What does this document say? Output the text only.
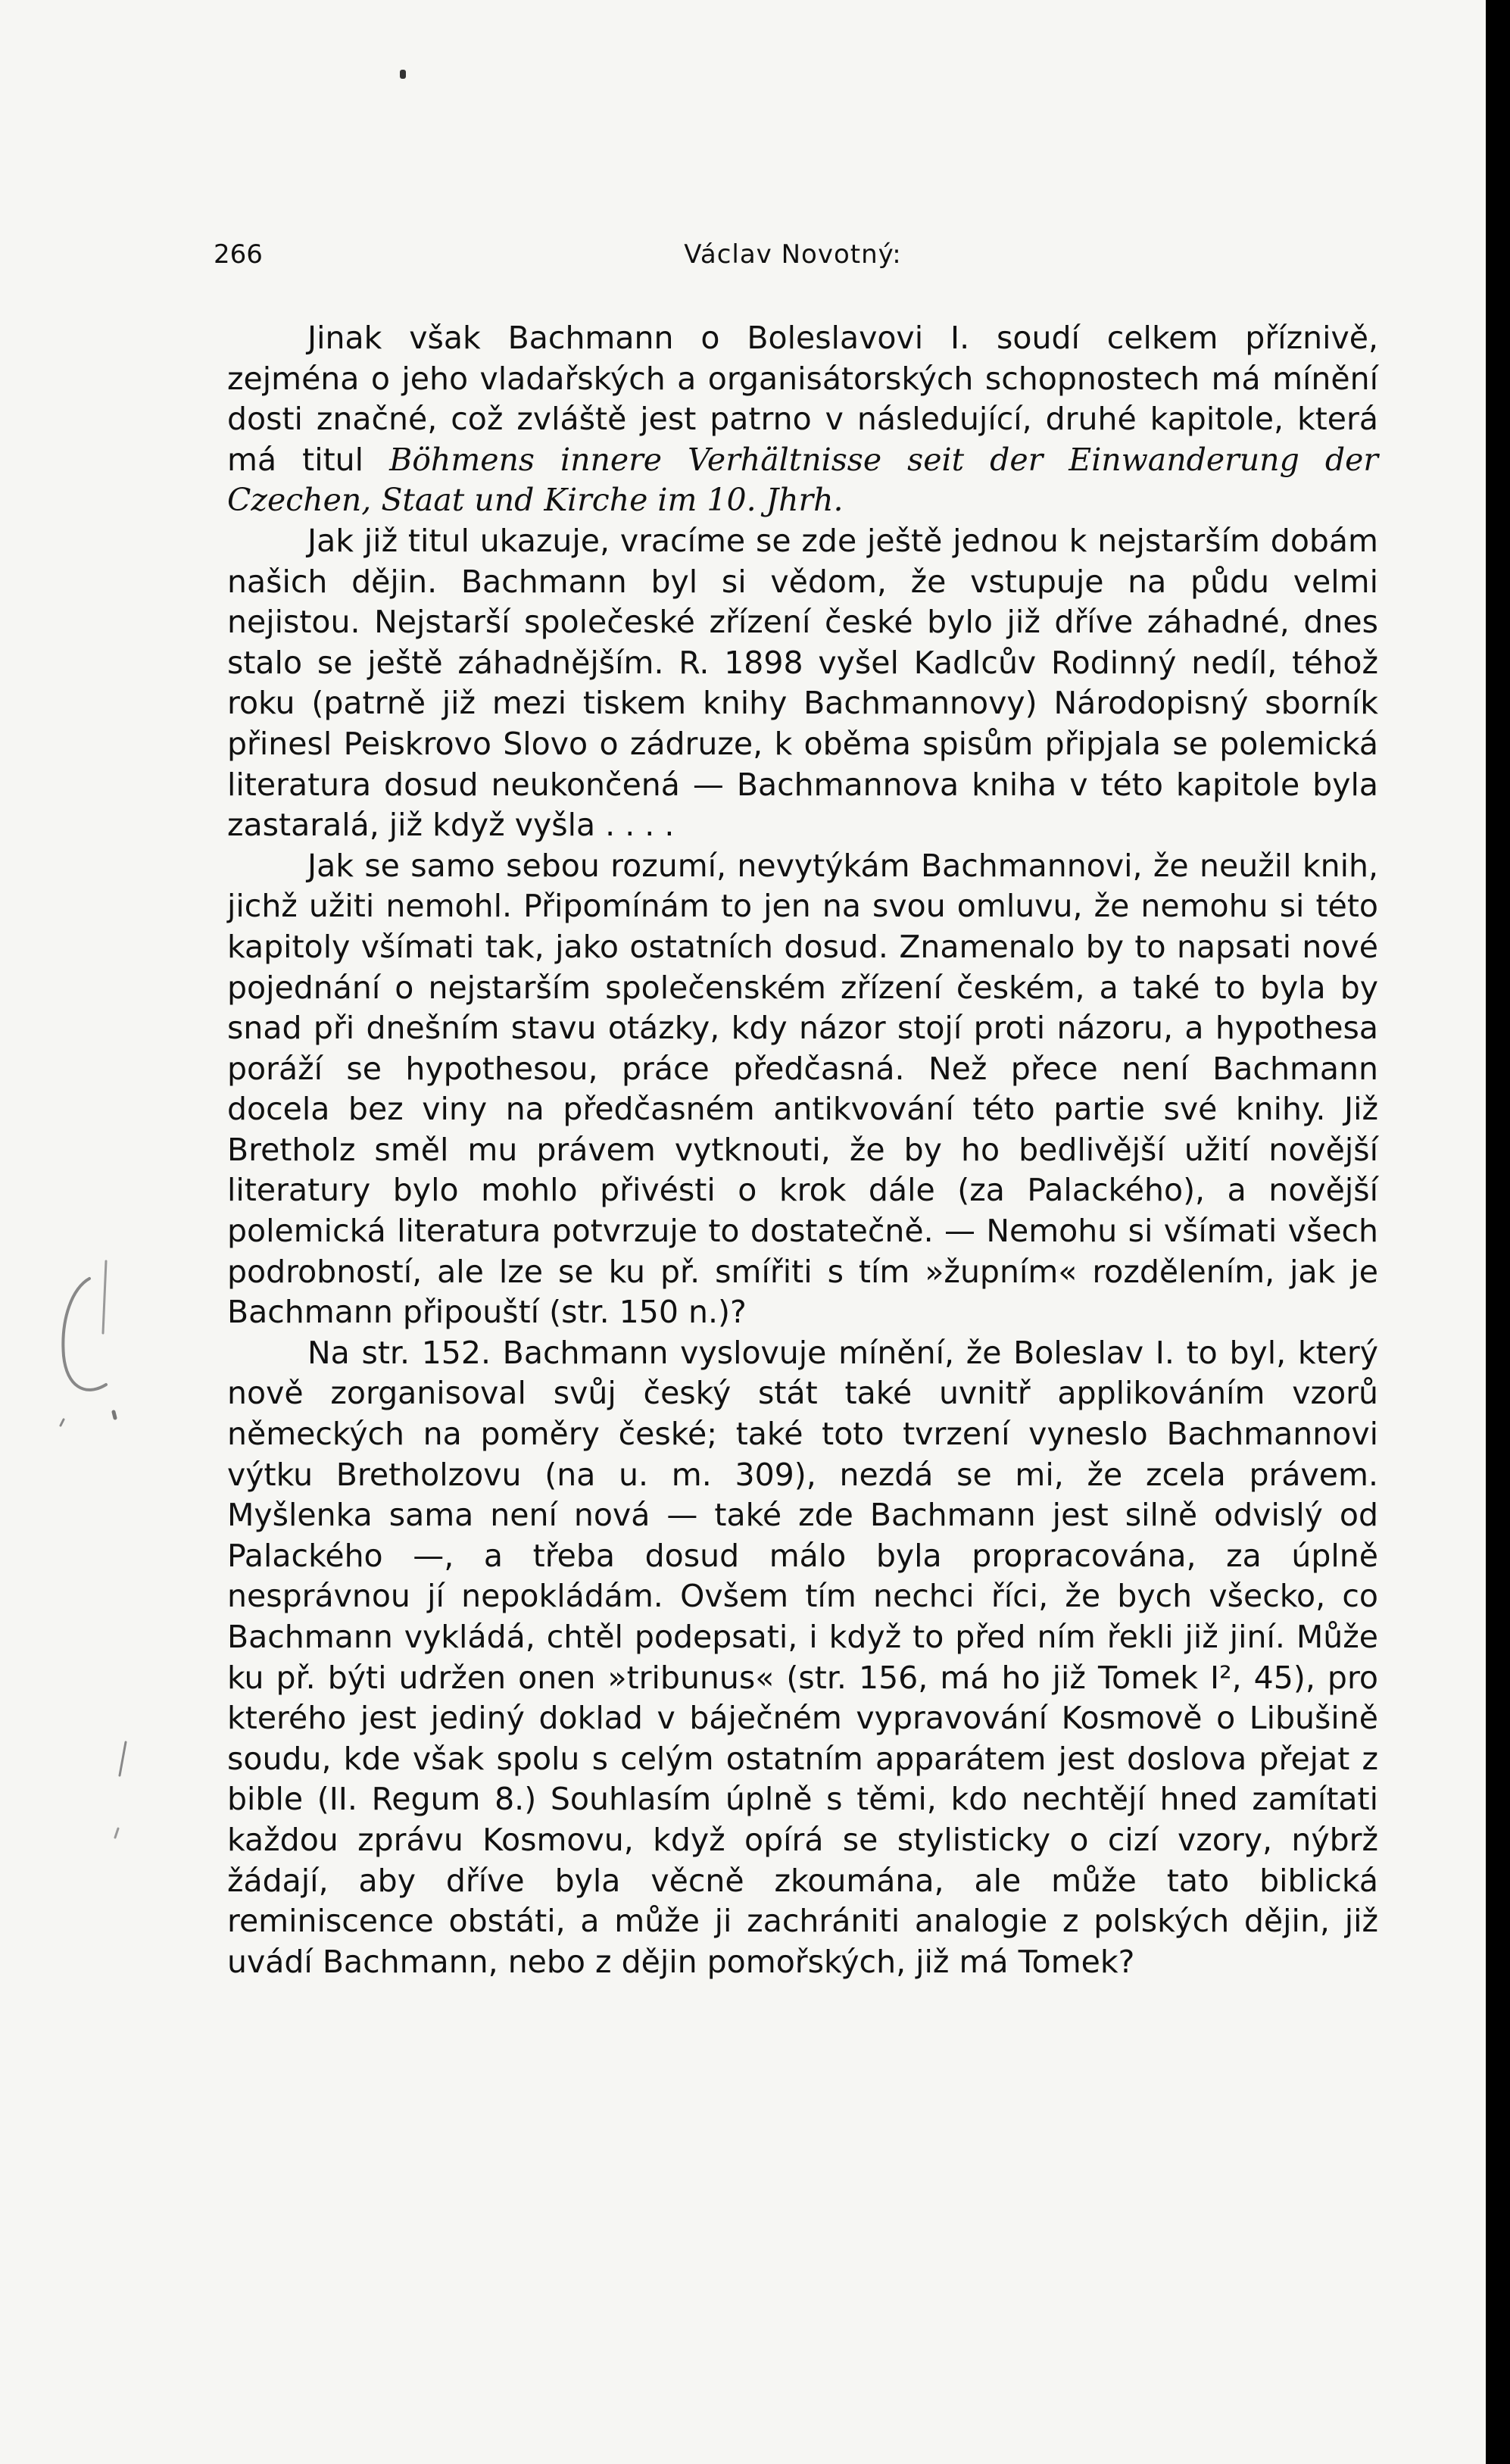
266	Václav Novotný:

Jinak však Bachmann o Boleslavovi I. soudí celkem příznivě, zejména o jeho vladařských a organisátorských schopnostech má mínění dosti značné, což zvláště jest patrno v následující, druhé kapitole, která má titul Böhmens innere Verhältnisse seit der Einwanderung der Czechen, Staat und Kirche im 10. Jhrh.

Jak již titul ukazuje, vracíme se zde ještě jednou k nejstarším dobám našich dějin. Bachmann byl si vědom, že vstupuje na půdu velmi nejistou. Nejstarší společeské zřízení české bylo již dříve záhadné, dnes stalo se ještě záhadnějším. R. 1898 vyšel Kadlcův Rodinný nedíl, téhož roku (patrně již mezi tiskem knihy Bachmannovy) Národopisný sborník přinesl Peiskrovo Slovo o zádruze, k oběma spisům připjala se polemická literatura dosud neukončená — Bachmannova kniha v této kapitole byla zastaralá, již když vyšla . . . .

Jak se samo sebou rozumí, nevytýkám Bachmannovi, že neužil knih, jichž užiti nemohl. Připomínám to jen na svou omluvu, že nemohu si této kapitoly všímati tak, jako ostatních dosud. Znamenalo by to napsati nové pojednání o nejstarším společenském zřízení českém, a také to byla by snad při dnešním stavu otázky, kdy názor stojí proti názoru, a hypothesa poráží se hypothesou, práce předčasná. Než přece není Bachmann docela bez viny na předčasném antikvování této partie své knihy. Již Bretholz směl mu právem vytknouti, že by ho bedlivější užití novější literatury bylo mohlo přivésti o krok dále (za Palackého), a novější polemická literatura potvrzuje to dostatečně. — Nemohu si všímati všech podrobností, ale lze se ku př. smířiti s tím »župním« rozdělením, jak je Bachmann připouští (str. 150 n.)?

Na str. 152. Bachmann vyslovuje mínění, že Boleslav I. to byl, který nově zorganisoval svůj český stát také uvnitř applikováním vzorů německých na poměry české; také toto tvrzení vyneslo Bachmannovi výtku Bretholzovu (na u. m. 309), nezdá se mi, že zcela právem. Myšlenka sama není nová — také zde Bachmann jest silně odvislý od Palackého —, a třeba dosud málo byla propracována, za úplně nesprávnou jí nepokládám. Ovšem tím nechci říci, že bych všecko, co Bachmann vykládá, chtěl podepsati, i když to před ním řekli již jiní. Může ku př. býti udržen onen »tribunus« (str. 156, má ho již Tomek I², 45), pro kterého jest jediný doklad v báječném vypravování Kosmově o Libušině soudu, kde však spolu s celým ostatním apparátem jest doslova přejat z bible (II. Regum 8.) Souhlasím úplně s těmi, kdo nechtějí hned zamítati každou zprávu Kosmovu, když opírá se stylisticky o cizí vzory, nýbrž žádají, aby dříve byla věcně zkoumána, ale může tato biblická reminiscence obstáti, a může ji zachrániti analogie z polských dějin, již uvádí Bachmann, nebo z dějin pomořských, již má Tomek?
